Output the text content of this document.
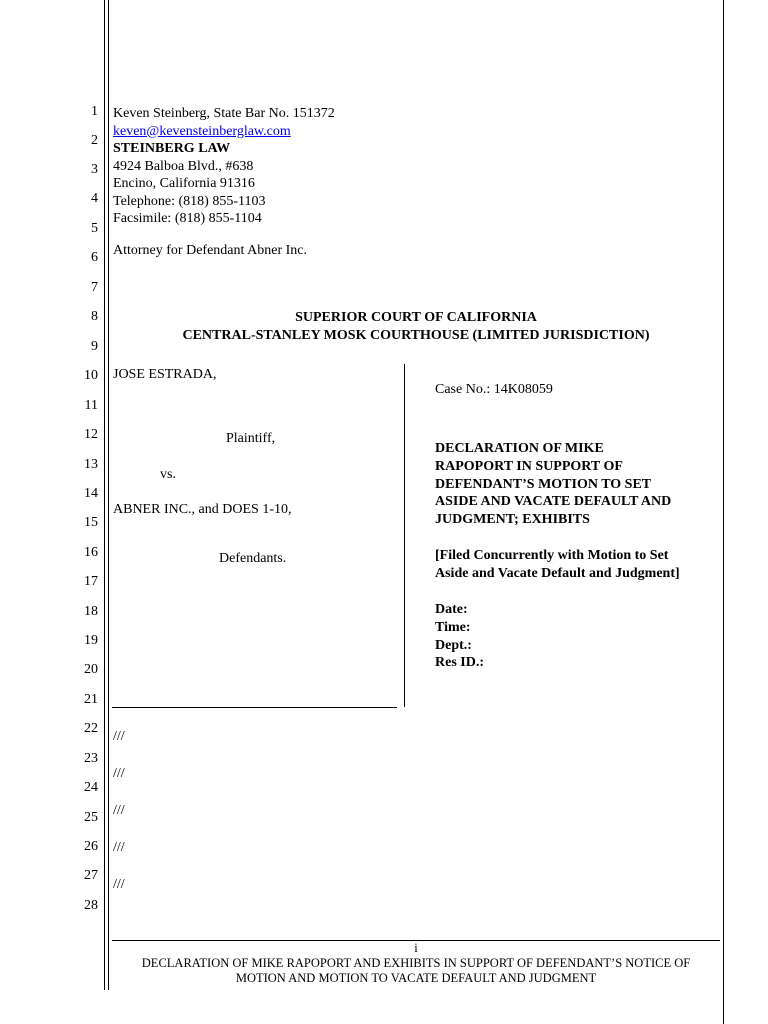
1
2
3
4
5
6
7
8
9
10
11
12
13
14
15
16
17
18
19
20
21
22
23
24
25
26
27
28
Keven Steinberg, State Bar No. 151372
keven@kevensteinberglaw.com
STEINBERG LAW
4924 Balboa Blvd., #638
Encino, California 91316
Telephone: (818) 855-1103
Facsimile: (818) 855-1104
Attorney for Defendant Abner Inc.
SUPERIOR COURT OF CALIFORNIA
CENTRAL-STANLEY MOSK COURTHOUSE (LIMITED JURISDICTION)
JOSE ESTRADA,
Plaintiff,
vs.
ABNER INC., and DOES 1-10,
Defendants.
Case No.: 14K08059
DECLARATION OF MIKE
RAPOPORT IN SUPPORT OF
DEFENDANT’S MOTION TO SET
ASIDE AND VACATE DEFAULT AND
JUDGMENT; EXHIBITS
[Filed Concurrently with Motion to Set
Aside and Vacate Default and Judgment]
Date:
Time:
Dept.:
Res ID.:
///
///
///
///
///
i
DECLARATION OF MIKE RAPOPORT AND EXHIBITS IN SUPPORT OF DEFENDANT’S NOTICE OF
MOTION AND MOTION TO VACATE DEFAULT AND JUDGMENT
